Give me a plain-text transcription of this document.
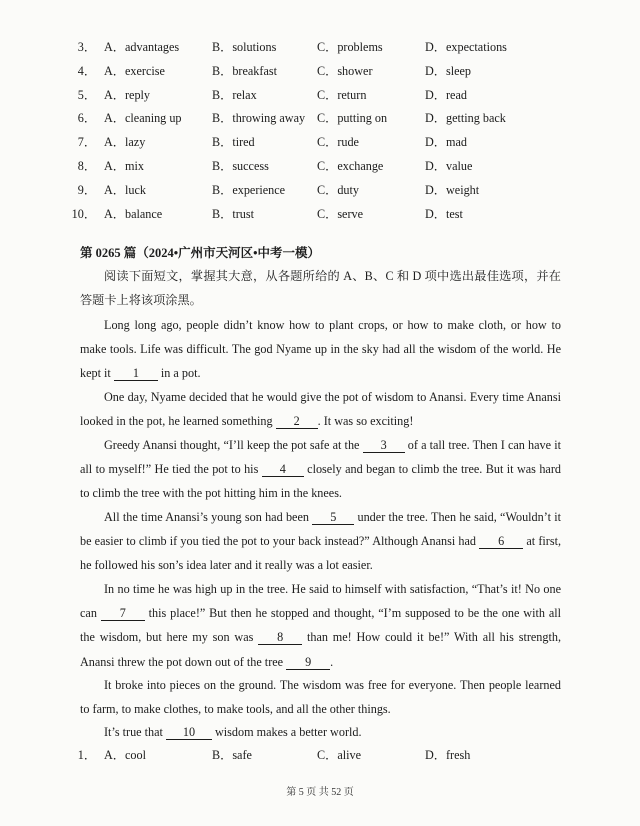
3． A．advantages	B．solutions	C．problems	D．expectations
4． A．exercise	B．breakfast	C．shower	D．sleep
5． A．reply	B．relax	C．return	D．read
6． A．cleaning up B．throwing away C．putting on	D．getting back
7． A．lazy	B．tired	C．rude	D．mad
8． A．mix	B．success	C．exchange	D．value
9． A．luck	B．experience	C．duty	D．weight
10． A．balance	B．trust	C．serve	D．test
第 0265 篇（2024•广州市天河区•中考一模）
阅读下面短文，掌握其大意，从各题所给的 A、B、C 和 D 项中选出最佳选项，并在答题卡上将该项涂黑。
Long long ago, people didn’t know how to plant crops, or how to make cloth, or how to make tools. Life was difficult. The god Nyame up in the sky had all the wisdom of the world. He kept it 1 in a pot.
One day, Nyame decided that he would give the pot of wisdom to Anansi. Every time Anansi looked in the pot, he learned something 2 . It was so exciting!
Greedy Anansi thought, “I’ll keep the pot safe at the 3 of a tall tree. Then I can have it all to myself!” He tied the pot to his 4 closely and began to climb the tree. But it was hard to climb the tree with the pot hitting him in the knees.
All the time Anansi’s young son had been 5 under the tree. Then he said, “Wouldn’t it be easier to climb if you tied the pot to your back instead?” Although Anansi had 6 at first, he followed his son’s idea later and it really was a lot easier.
In no time he was high up in the tree. He said to himself with satisfaction, “That’s it! No one can 7 this place!” But then he stopped and thought, “I’m supposed to be the one with all the wisdom, but here my son was 8 than me! How could it be!” With all his strength, Anansi threw the pot down out of the tree 9 .
It broke into pieces on the ground. The wisdom was free for everyone. Then people learned to farm, to make clothes, to make tools, and all the other things.
It’s true that 10 wisdom makes a better world.
1． A．cool	B．safe	C．alive	D．fresh
第 5 页 共 52 页
